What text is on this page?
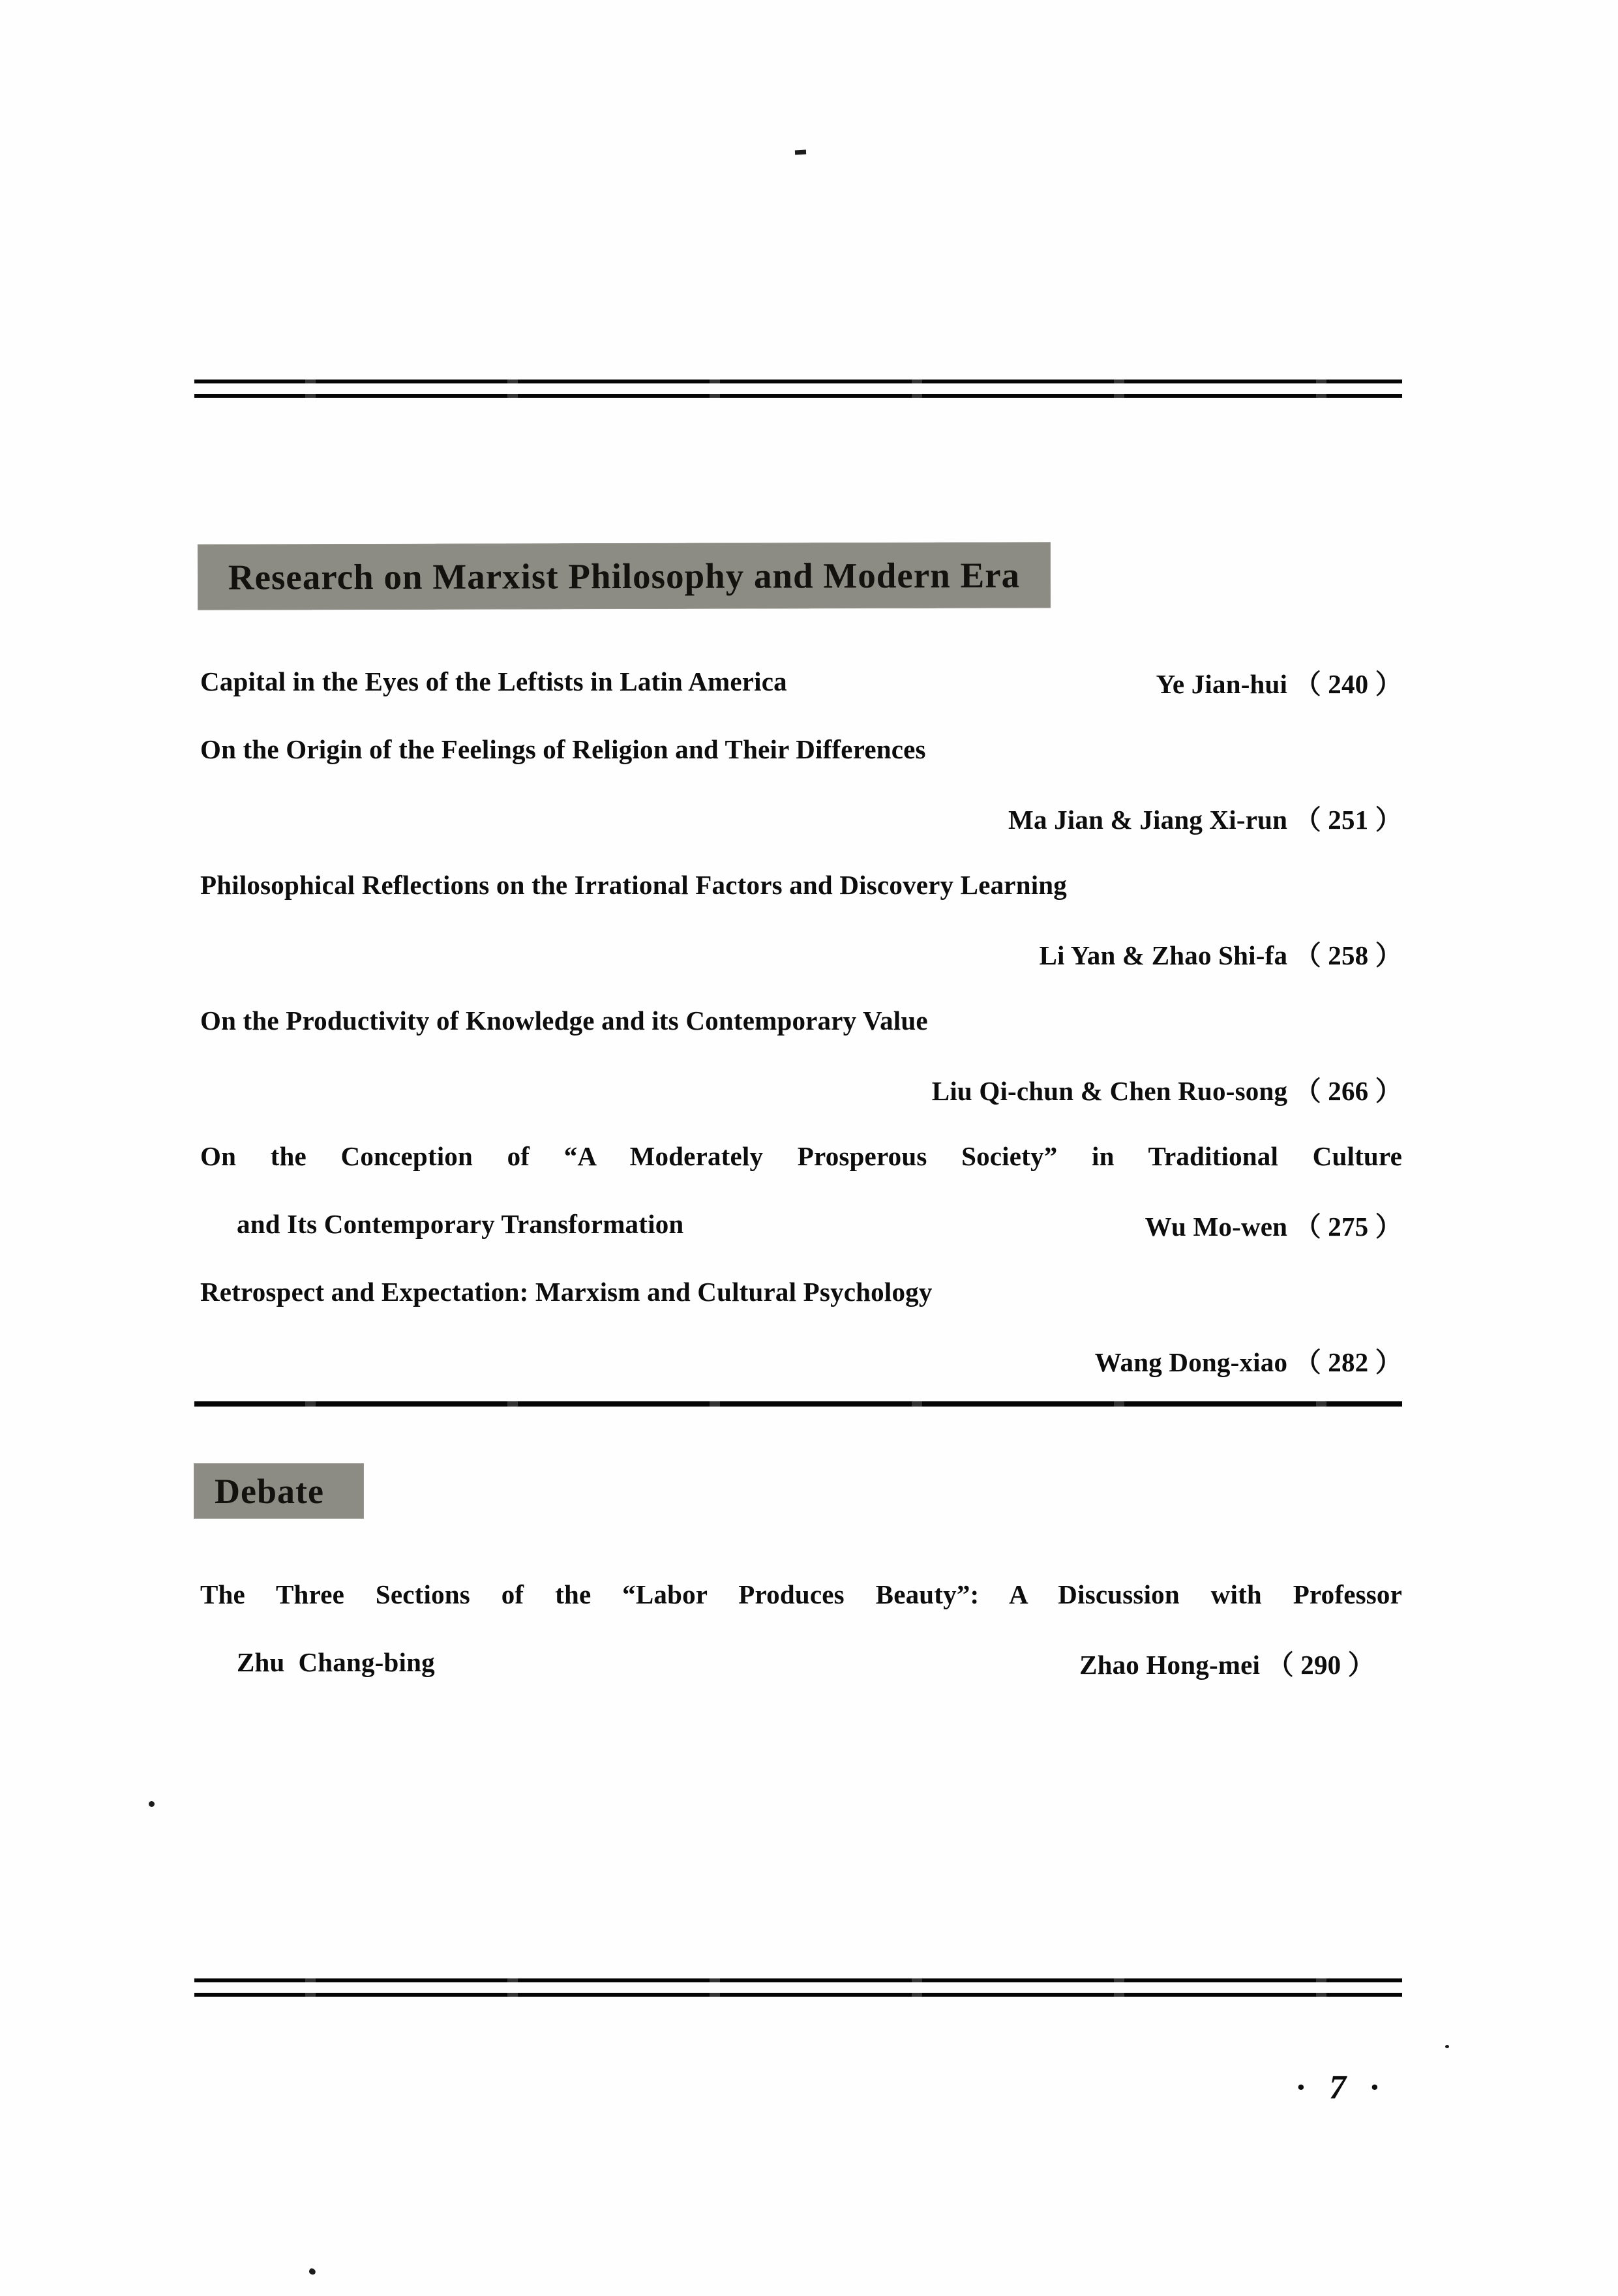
Research on Marxist Philosophy and Modern Era
Capital in the Eyes of the Leftists in Latin America	Ye Jian-hui （ 240 ）
On the Origin of the Feelings of Religion and Their Differences
Ma Jian & Jiang Xi-run （ 251 ）
Philosophical Reflections on the Irrational Factors and Discovery Learning
Li Yan & Zhao Shi-fa （ 258 ）
On the Productivity of Knowledge and its Contemporary Value
Liu Qi-chun & Chen Ruo-song （ 266 ）
On the Conception of “A Moderately Prosperous Society” in Traditional Culture
and Its Contemporary Transformation	Wu Mo-wen （ 275 ）
Retrospect and Expectation: Marxism and Cultural Psychology
Wang Dong-xiao （ 282 ）
Debate
The Three Sections of the “Labor Produces Beauty”: A Discussion with Professor
Zhu  Chang-bing	Zhao Hong-mei （ 290 ）
· 7 ·
